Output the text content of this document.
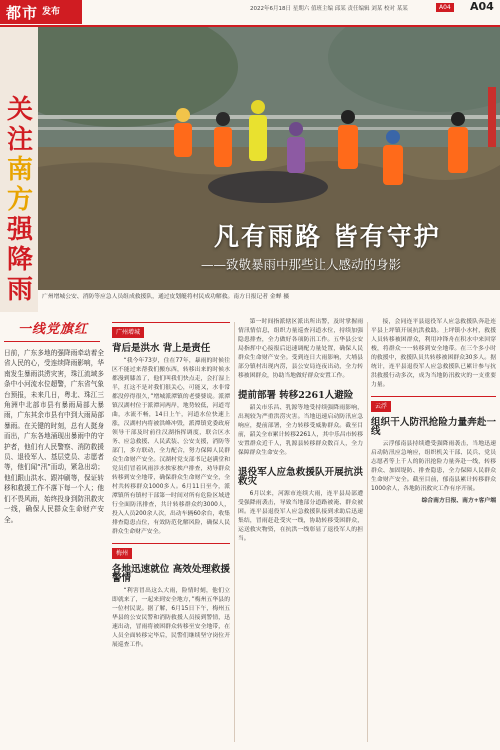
都市 发布	2022年6月18日 星期六 值班主编 邱某 责任编辑 刘某 校对 某某	A04 A04
关
注
南
方
强
降
雨
凡有雨路 皆有守护
——致敬暴雨中那些让人感动的身影
广州增城公安、消防等应急人员组成救援队，通过皮划艇将村民成功解救。南方日报记者 金蝉 摄
一线党旗红
日前，广东多地的强降雨牵动着全省人民的心，受连续降雨影响，华南发生暴雨洪涝灾害，珠江流域多条中小河流水位超警，广东省气象台预报，未来几日，粤北、珠江三角洲中北部市县有暴雨局部大暴雨，广东其余市县有中到大雨局部暴雨。在关键的时刻，总有人挺身而出，广东各地涌现出暴雨中的守护者，他们有人民警察、消防救援员、退役军人、基层党员、志愿者等，他们闻“汛”而动，紧急出动；他们跟山洪水、跟冲刷等，保证转移和救援工作不落下每一个人；他们不畏风雨，始终投身到防汛救灾一线，确保人民群众生命财产安全。
广州增城
背后是洪水 背上是责任

“我今年73岁，住在77年，暴雨的时候往区不能过来帮我们搬东西，转移出来的时候水都漫到膝盖了，他们叫我们快点走，会打湿上半，扛这不是对我们很关心，可能又，水非常都没停得很久，”增城派潭镇的老婆婆说。派潭镇汉湖村位于派潭河两岸，地势较低，河道弯曲，水流不畅，14日上午，河道水位快速上涨，汉湖村内将被洪峰冲毁，派潭镇党委政府领导干部及时前往汉湖指挥调度，联合区水务、应急救援、人民武装、公安支援，消防等部门，多方联动，全力配合，努力保障人民群众生命财产安全。汉湖村党支部书记赵满堂和党员们冒着风雨涉水挨家挨户排查，劝导群众转移到安全地带，确保群众生命财产安全，全村共转移群众1000多人。6月11日至今，派潭镇所有镇村干部第一时间对所有危险区域进行全面防汛排查，共计转移群众约3000人，投入人员200余人次，出动车辆60余台，收集排查隐患点位，有效防范化解风险，确保人民群众生命财产安全。

梅州
各地迅速就位 高效处理救援警情

“利害冒出这么大雨，险情时刻，他们立即就来了，一起来到安全地方，”梅州五华县的一位村民说。据了解，6月15日下午，梅州五华县的公安民警和消防救援人员接到警情，迅速出动，冒雨将被困群众转移至安全地带，在人员全面转移完毕后，民警们继续坚守岗位开展巡查工作。

第一时间指派辖区派出所出警，及时掌握雨情汛情信息，组织力量巡查河道水位，持续加强隐患排查，全力做好各项防汛工作。五华县公安局指挥中心接报后迅速调配力量处置，确保人民群众生命财产安全。受到连日大雨影响，大埔县部分镇村出现内涝，县公安局连夜出动，全力转移被困群众，协助当地做好群众安置工作。

提前部署 转移2261人避险

韶关市乐昌、乳源等地受持续强降雨影响，出现较为严重洪涝灾害。当地迅速启动防汛应急响应，提前部署，全力转移受威胁群众。截至目前，韶关全市累计转移2261人，其中乐昌市转移安置群众近千人，乳源县转移群众数百人，全力保障群众生命安全。

退役军人应急救援队开展抗洪救灾

6月以来，河源市连续大雨，连平县局部遭受强降雨袭击，导致当地部分道路被淹、群众被困。连平县退役军人应急救援队接到求助后迅速集结，冒雨赶赴受灾一线，协助转移受困群众，运送救灾物资，在抗洪一线彰显了退役军人的担当。

接，会同连平县退役军人应急救援队奔赴连平县上坪镇开展抗洪救助。上坪镇小水村，救援人员转移被困群众，利用冲锋舟在积水中来回穿梭，将群众一一转移到安全地带。在三个多小时的救援中，救援队员共转移被困群众30多人。据统计，连平县退役军人应急救援队已累计参与抗洪救援行动多次，成为当地防汛救灾的一支重要力量。

云浮
组织干人防汛抢险力量奔赴一线

云浮郁南县持续遭受强降雨袭击，当地迅速启动防汛应急响应，组织机关干部、民兵、党员志愿者等上千人的防汛抢险力量奔赴一线，转移群众、加固堤防、排查隐患，全力保障人民群众生命财产安全。截至目前，郁南县累计转移群众1000余人，各地防汛救灾工作有序开展。

综合南方日报、南方+客户端
